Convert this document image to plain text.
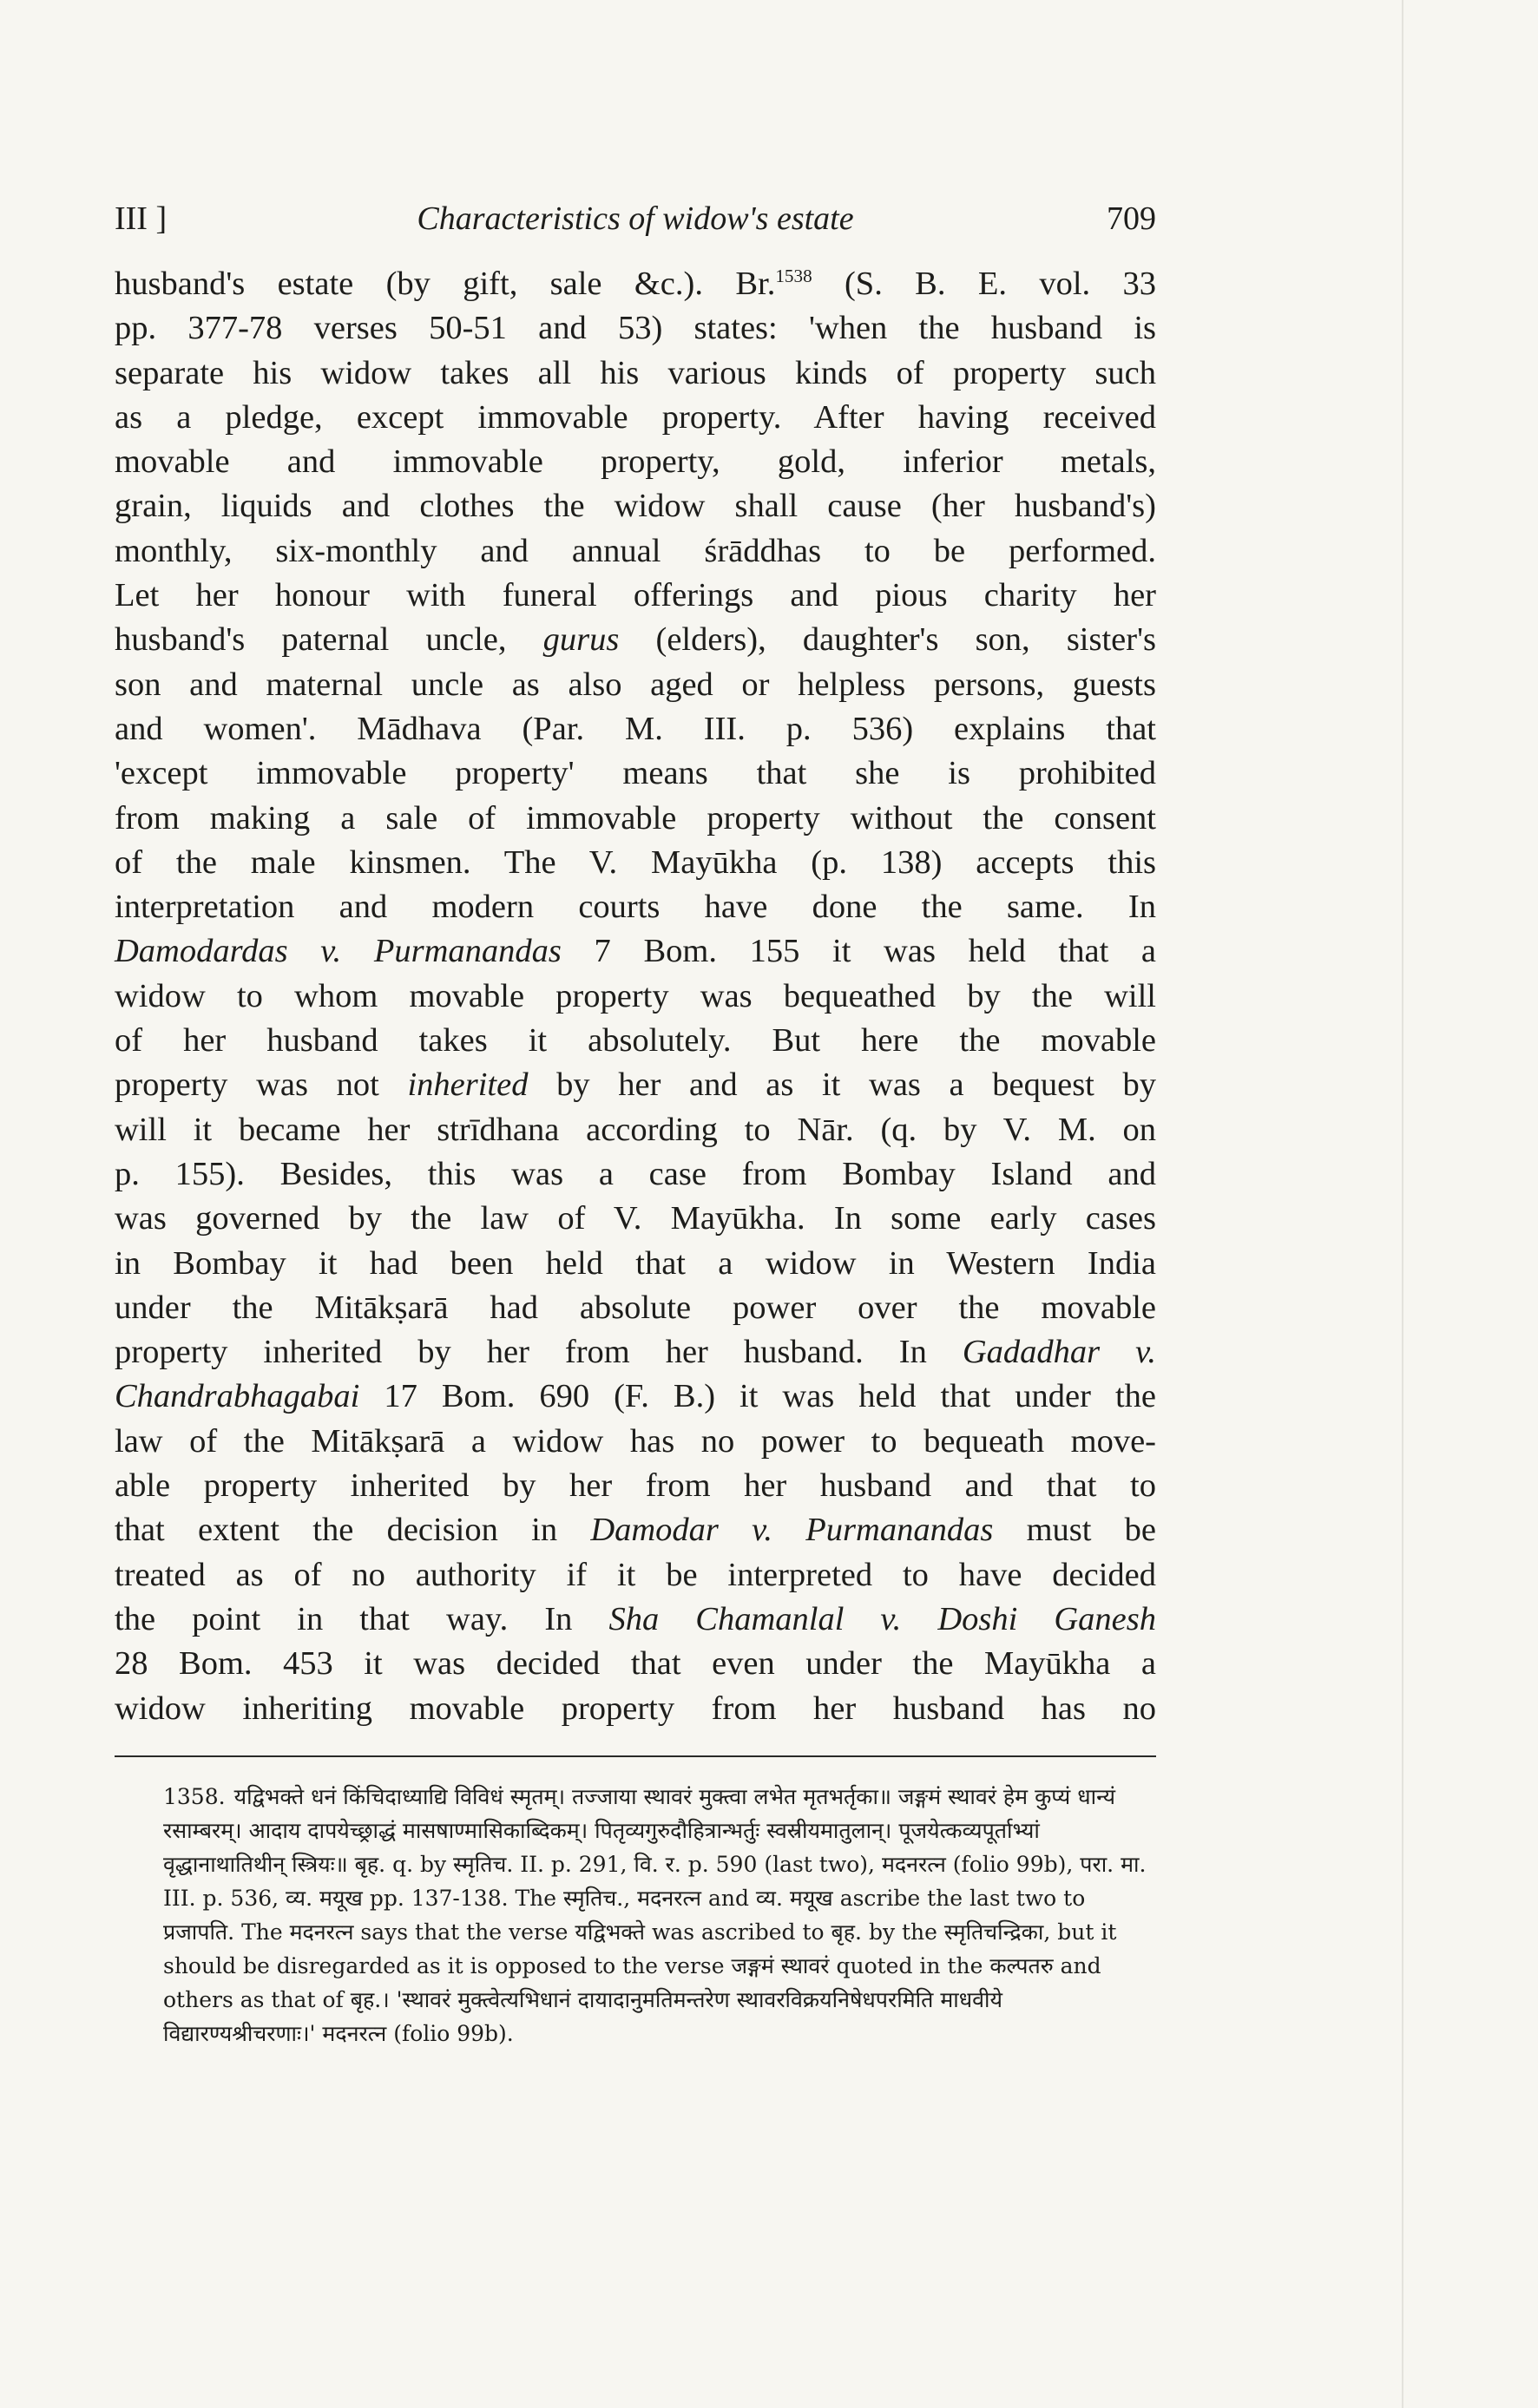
III ]	Characteristics of widow's estate	709

husband's estate (by gift, sale &c.). Br.$^{1538}$ (S. B. E. vol. 33
pp. 377-78 verses 50-51 and 53) states: 'when the husband is
separate his widow takes all his various kinds of property such
as a pledge, except immovable property. After having received
movable and immovable property, gold, inferior metals,
grain, liquids and clothes the widow shall cause (her husband's)
monthly, six-monthly and annual śrāddhas to be performed.
Let her honour with funeral offerings and pious charity her
husband's paternal uncle, gurus (elders), daughter's son, sister's
son and maternal uncle as also aged or helpless persons, guests
and women'. Mādhava (Par. M. III. p. 536) explains that
'except immovable property' means that she is prohibited
from making a sale of immovable property without the consent
of the male kinsmen. The V. Mayūkha (p. 138) accepts this
interpretation and modern courts have done the same. In
Damodardas v. Purmanandas 7 Bom. 155 it was held that a
widow to whom movable property was bequeathed by the will
of her husband takes it absolutely. But here the movable
property was not inherited by her and as it was a bequest by
will it became her strīdhana according to Nār. (q. by V. M. on
p. 155). Besides, this was a case from Bombay Island and
was governed by the law of V. Mayūkha. In some early cases
in Bombay it had been held that a widow in Western India
under the Mitākṣarā had absolute power over the movable
property inherited by her from her husband. In Gadadhar v.
Chandrabhagabai 17 Bom. 690 (F. B.) it was held that under the
law of the Mitākṣarā a widow has no power to bequeath move-
able property inherited by her from her husband and that to
that extent the decision in Damodar v. Purmanandas must be
treated as of no authority if it be interpreted to have decided
the point in that way. In Sha Chamanlal v. Doshi Ganesh
28 Bom. 453 it was decided that even under the Mayūkha a
widow inheriting movable property from her husband has no

1358. यद्विभक्ते धनं किंचिदाध्याद्यि विविधं स्मृतम्। तज्जाया स्थावरं मुक्त्वा लभेत मृतभर्तृका॥ जङ्गमं स्थावरं हेम कुप्यं धान्यं रसाम्बरम्। आदाय दापयेच्छ्राद्धं मासषाण्मासिकाब्दिकम्। पितृव्यगुरुदौहित्रान्भर्तुः स्वस्रीयमातुलान्। पूजयेत्कव्यपूर्ताभ्यां वृद्धानाथातिथीन् स्त्रियः॥ बृह. q. by स्मृतिच. II. p. 291, वि. र. p. 590 (last two), मदनरत्न (folio 99b), परा. मा. III. p. 536, व्य. मयूख pp. 137-138. The स्मृतिच., मदनरत्न and व्य. मयूख ascribe the last two to प्रजापति. The मदनरत्न says that the verse यद्विभक्ते was ascribed to बृह. by the स्मृतिचन्द्रिका, but it should be disregarded as it is opposed to the verse जङ्गमं स्थावरं quoted in the कल्पतरु and others as that of बृह.। 'स्थावरं मुक्त्वेत्यभिधानं दायादानुमतिमन्तरेण स्थावरविक्रयनिषेधपरमिति माधवीये विद्यारण्यश्रीचरणाः।' मदनरत्न (folio 99b).
